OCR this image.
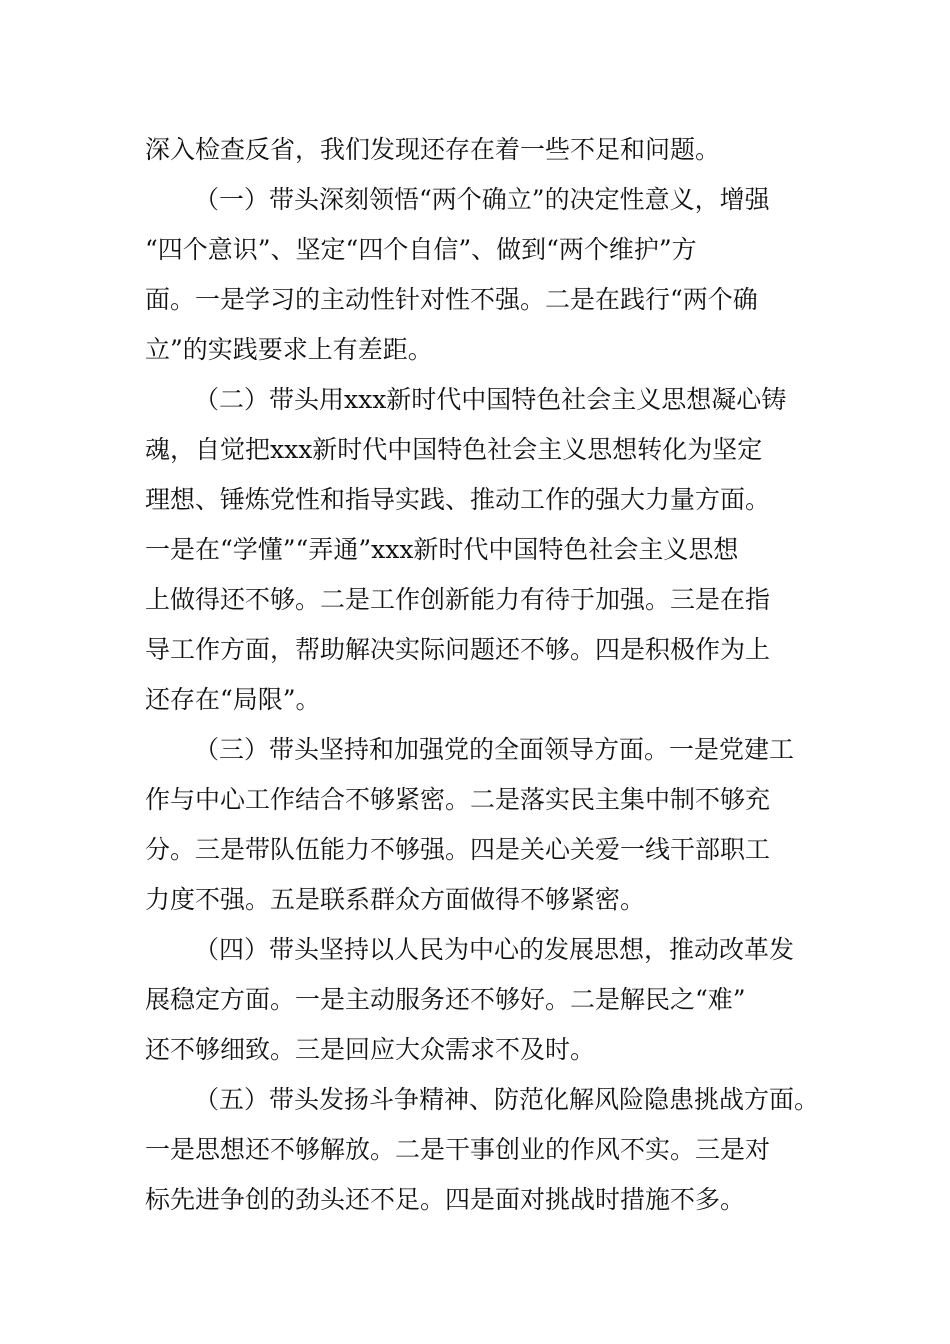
深入检查反省，我们发现还存在着一些不足和问题。
（一）带头深刻领悟“两个确立”的决定性意义，增强
“四个意识”、坚定“四个自信”、做到“两个维护”方
面。一是学习的主动性针对性不强。二是在践行“两个确
立”的实践要求上有差距。
（二）带头用xxx新时代中国特色社会主义思想凝心铸
魂，自觉把xxx新时代中国特色社会主义思想转化为坚定
理想、锤炼党性和指导实践、推动工作的强大力量方面。
一是在“学懂”“弄通”xxx新时代中国特色社会主义思想
上做得还不够。二是工作创新能力有待于加强。三是在指
导工作方面，帮助解决实际问题还不够。四是积极作为上
还存在“局限”。
（三）带头坚持和加强党的全面领导方面。一是党建工
作与中心工作结合不够紧密。二是落实民主集中制不够充
分。三是带队伍能力不够强。四是关心关爱一线干部职工
力度不强。五是联系群众方面做得不够紧密。
（四）带头坚持以人民为中心的发展思想，推动改革发
展稳定方面。一是主动服务还不够好。二是解民之“难”
还不够细致。三是回应大众需求不及时。
（五）带头发扬斗争精神、防范化解风险隐患挑战方面。
一是思想还不够解放。二是干事创业的作风不实。三是对
标先进争创的劲头还不足。四是面对挑战时措施不多。
